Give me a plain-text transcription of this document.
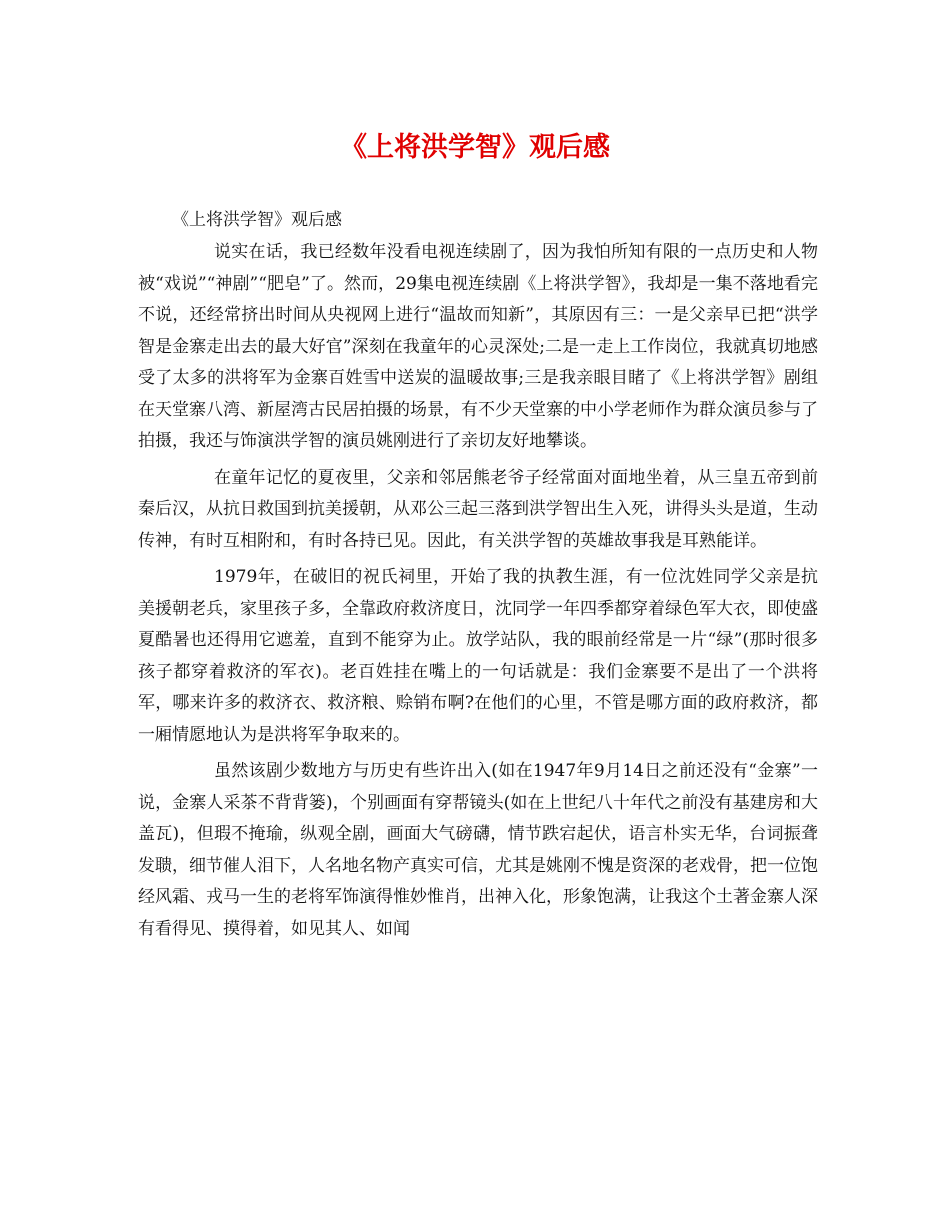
《上将洪学智》观后感

《上将洪学智》观后感

说实在话，我已经数年没看电视连续剧了，因为我怕所知有限的一点历史和人物被“戏说”“神剧”“肥皂”了。然而，29集电视连续剧《上将洪学智》，我却是一集不落地看完不说，还经常挤出时间从央视网上进行“温故而知新”，其原因有三：一是父亲早已把“洪学智是金寨走出去的最大好官”深刻在我童年的心灵深处;二是一走上工作岗位，我就真切地感受了太多的洪将军为金寨百姓雪中送炭的温暖故事;三是我亲眼目睹了《上将洪学智》剧组在天堂寨八湾、新屋湾古民居拍摄的场景，有不少天堂寨的中小学老师作为群众演员参与了拍摄，我还与饰演洪学智的演员姚刚进行了亲切友好地攀谈。

在童年记忆的夏夜里，父亲和邻居熊老爷子经常面对面地坐着，从三皇五帝到前秦后汉，从抗日救国到抗美援朝，从邓公三起三落到洪学智出生入死，讲得头头是道，生动传神，有时互相附和，有时各持已见。因此，有关洪学智的英雄故事我是耳熟能详。

1979年，在破旧的祝氏祠里，开始了我的执教生涯，有一位沈姓同学父亲是抗美援朝老兵，家里孩子多，全靠政府救济度日，沈同学一年四季都穿着绿色军大衣，即使盛夏酷暑也还得用它遮羞，直到不能穿为止。放学站队，我的眼前经常是一片“绿”(那时很多孩子都穿着救济的军衣)。老百姓挂在嘴上的一句话就是：我们金寨要不是出了一个洪将军，哪来许多的救济衣、救济粮、赊销布啊?在他们的心里，不管是哪方面的政府救济，都一厢情愿地认为是洪将军争取来的。

虽然该剧少数地方与历史有些许出入(如在1947年9月14日之前还没有“金寨”一说，金寨人采茶不背背篓)，个别画面有穿帮镜头(如在上世纪八十年代之前没有基建房和大盖瓦)，但瑕不掩瑜，纵观全剧，画面大气磅礴，情节跌宕起伏，语言朴实无华，台词振聋发聩，细节催人泪下，人名地名物产真实可信，尤其是姚刚不愧是资深的老戏骨，把一位饱经风霜、戎马一生的老将军饰演得惟妙惟肖，出神入化，形象饱满，让我这个土著金寨人深有看得见、摸得着，如见其人、如闻
